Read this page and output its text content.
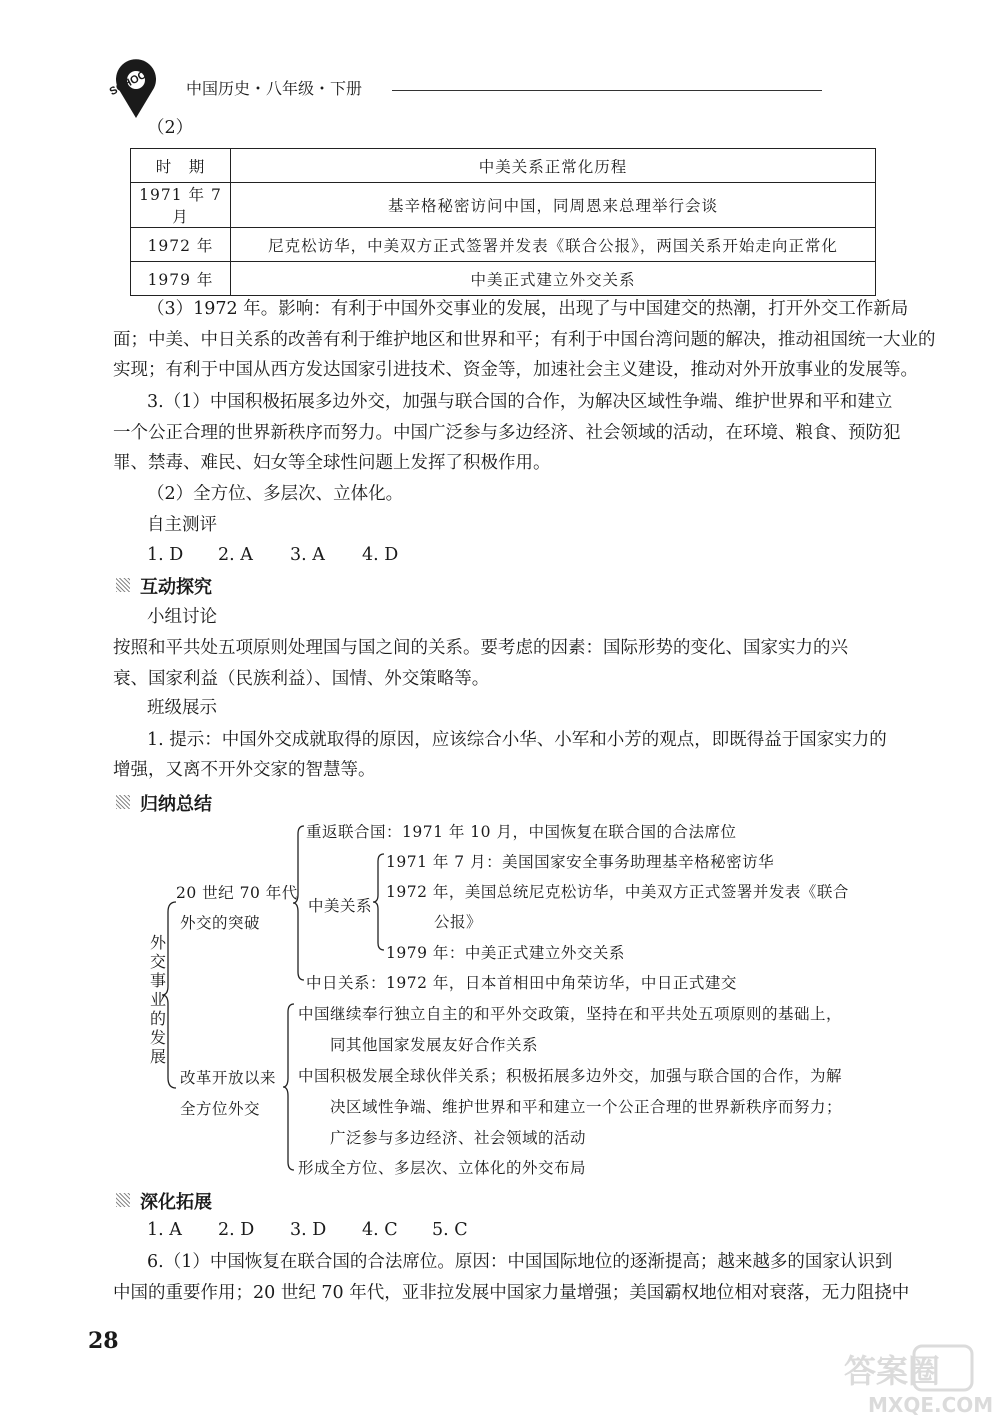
SCHOOL 中国历史・八年级・下册
（2）
时　期	中美关系正常化历程
1971 年 7 月	基辛格秘密访问中国，同周恩来总理举行会谈
1972 年	尼克松访华，中美双方正式签署并发表《联合公报》，两国关系开始走向正常化
1979 年	中美正式建立外交关系
（3）1972 年。影响：有利于中国外交事业的发展，出现了与中国建交的热潮，打开外交工作新局
面；中美、中日关系的改善有利于维护地区和世界和平；有利于中国台湾问题的解决，推动祖国统一大业的
实现；有利于中国从西方发达国家引进技术、资金等，加速社会主义建设，推动对外开放事业的发展等。
3.（1）中国积极拓展多边外交，加强与联合国的合作，为解决区域性争端、维护世界和平和建立
一个公正合理的世界新秩序而努力。中国广泛参与多边经济、社会领域的活动，在环境、粮食、预防犯
罪、禁毒、难民、妇女等全球性问题上发挥了积极作用。
（2）全方位、多层次、立体化。
自主测评
1. D 2. A 3. A 4. D
互动探究
小组讨论
按照和平共处五项原则处理国与国之间的关系。要考虑的因素：国际形势的变化、国家实力的兴
衰、国家利益（民族利益）、国情、外交策略等。
班级展示
1. 提示：中国外交成就取得的原因，应该综合小华、小军和小芳的观点，即既得益于国家实力的
增强，又离不开外交家的智慧等。
归纳总结
外交事业的发展
20 世纪 70 年代
外交的突破
重返联合国：1971 年 10 月，中国恢复在联合国的合法席位
中美关系
1971 年 7 月：美国国家安全事务助理基辛格秘密访华
1972 年，美国总统尼克松访华，中美双方正式签署并发表《联合
公报》
1979 年：中美正式建立外交关系
中日关系：1972 年，日本首相田中角荣访华，中日正式建交
改革开放以来
全方位外交
中国继续奉行独立自主的和平外交政策，坚持在和平共处五项原则的基础上，
同其他国家发展友好合作关系
中国积极发展全球伙伴关系；积极拓展多边外交，加强与联合国的合作，为解
决区域性争端、维护世界和平和建立一个公正合理的世界新秩序而努力；
广泛参与多边经济、社会领域的活动
形成全方位、多层次、立体化的外交布局
深化拓展
1. A 2. D 3. D 4. C 5. C
6.（1）中国恢复在联合国的合法席位。原因：中国国际地位的逐渐提高；越来越多的国家认识到
中国的重要作用；20 世纪 70 年代，亚非拉发展中国家力量增强；美国霸权地位相对衰落，无力阻挠中
28
答案圈
MXQE.COM
